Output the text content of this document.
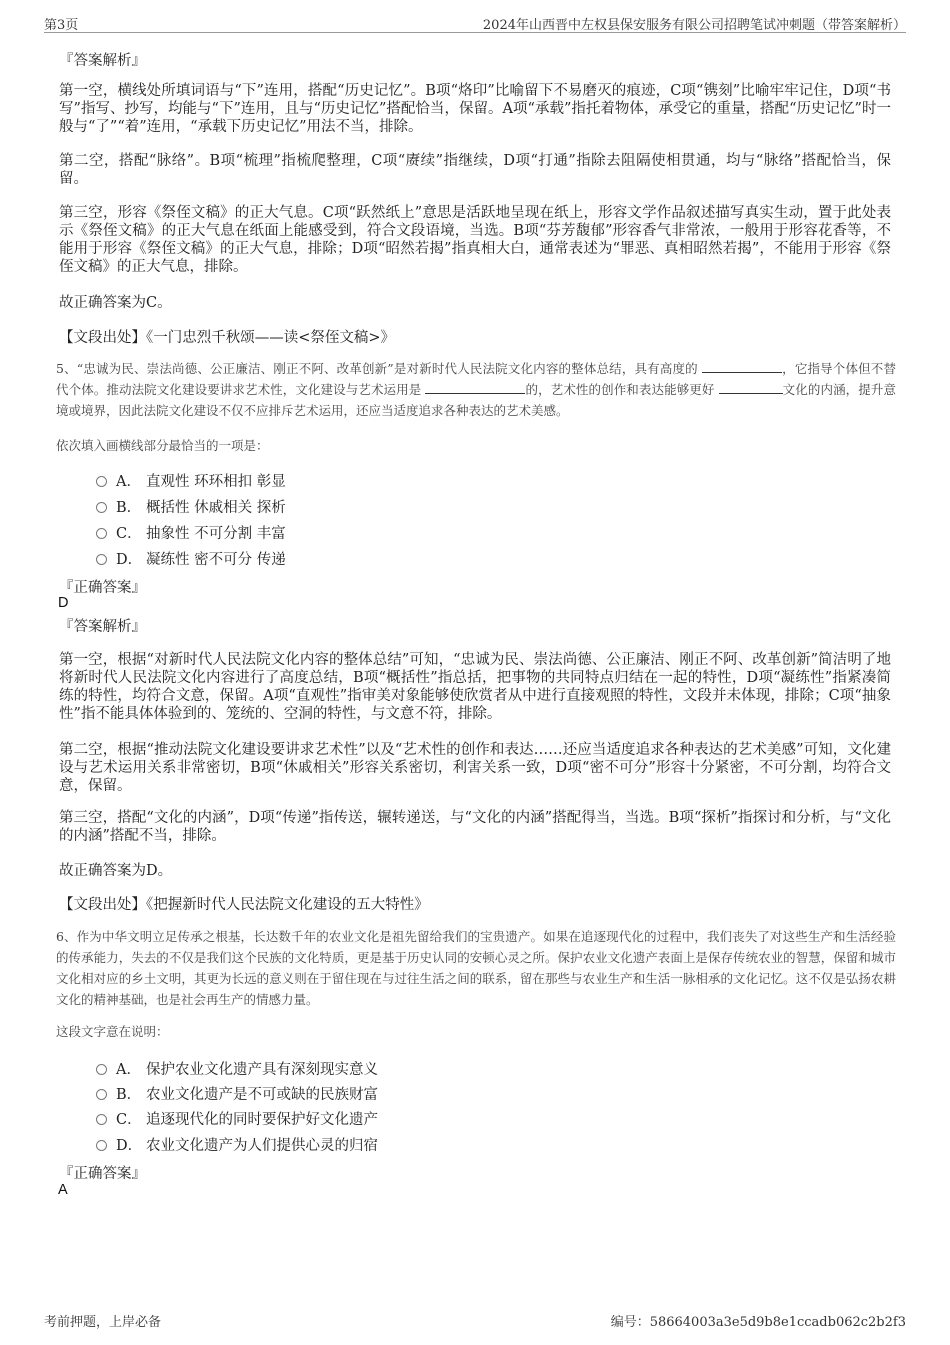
第3页	2024年山西晋中左权县保安服务有限公司招聘笔试冲刺题（带答案解析）
『答案解析』

第一空，横线处所填词语与“下”连用，搭配“历史记忆”。B项“烙印”比喻留下不易磨灭的痕迹，C项“镌刻”比喻牢牢记住，D项“书写”指写、抄写，均能与“下”连用，且与“历史记忆”搭配恰当，保留。A项“承载”指托着物体，承受它的重量，搭配“历史记忆”时一般与“了”“着”连用，“承载下历史记忆”用法不当，排除。

第二空，搭配“脉络”。B项“梳理”指梳爬整理，C项“赓续”指继续，D项“打通”指除去阻隔使相贯通，均与“脉络”搭配恰当，保留。

第三空，形容《祭侄文稿》的正大气息。C项“跃然纸上”意思是活跃地呈现在纸上，形容文学作品叙述描写真实生动，置于此处表示《祭侄文稿》的正大气息在纸面上能感受到，符合文段语境，当选。B项“芬芳馥郁”形容香气非常浓，一般用于形容花香等，不能用于形容《祭侄文稿》的正大气息，排除；D项“昭然若揭”指真相大白，通常表述为“罪恶、真相昭然若揭”，不能用于形容《祭侄文稿》的正大气息，排除。

故正确答案为C。
【文段出处】《一门忠烈千秋颂——读<祭侄文稿>》

5、“忠诚为民、崇法尚德、公正廉洁、刚正不阿、改革创新”是对新时代人民法院文化内容的整体总结，具有高度的	，它指导个体但不替代个体。推动法院文化建设要讲求艺术性，文化建设与艺术运用是	的，艺术性的创作和表达能够更好	文化的内涵，提升意境或境界，因此法院文化建设不仅不应排斥艺术运用，还应当适度追求各种表达的艺术美感。

依次填入画横线部分最恰当的一项是：
A． 直观性 环环相扣 彰显
B． 概括性 休戚相关 探析
C． 抽象性 不可分割 丰富
D． 凝练性 密不可分 传递
『正确答案』
D
『答案解析』

第一空，根据“对新时代人民法院文化内容的整体总结”可知，“忠诚为民、崇法尚德、公正廉洁、刚正不阿、改革创新”简洁明了地将新时代人民法院文化内容进行了高度总结，B项“概括性”指总括，把事物的共同特点归结在一起的特性，D项“凝练性”指紧凑简练的特性，均符合文意，保留。A项“直观性”指审美对象能够使欣赏者从中进行直接观照的特性，文段并未体现，排除；C项“抽象性”指不能具体体验到的、笼统的、空洞的特性，与文意不符，排除。

第二空，根据“推动法院文化建设要讲求艺术性”以及“艺术性的创作和表达……还应当适度追求各种表达的艺术美感”可知，文化建设与艺术运用关系非常密切，B项“休戚相关”形容关系密切，利害关系一致，D项“密不可分”形容十分紧密，不可分割，均符合文意，保留。

第三空，搭配“文化的内涵”，D项“传递”指传送，辗转递送，与“文化的内涵”搭配得当，当选。B项“探析”指探讨和分析，与“文化的内涵”搭配不当，排除。

故正确答案为D。
【文段出处】《把握新时代人民法院文化建设的五大特性》

6、作为中华文明立足传承之根基，长达数千年的农业文化是祖先留给我们的宝贵遗产。如果在追逐现代化的过程中，我们丧失了对这些生产和生活经验的传承能力，失去的不仅是我们这个民族的文化特质，更是基于历史认同的安顿心灵之所。保护农业文化遗产表面上是保存传统农业的智慧，保留和城市文化相对应的乡土文明，其更为长远的意义则在于留住现在与过往生活之间的联系，留在那些与农业生产和生活一脉相承的文化记忆。这不仅是弘扬农耕文化的精神基础，也是社会再生产的情感力量。

这段文字意在说明：
A． 保护农业文化遗产具有深刻现实意义
B． 农业文化遗产是不可或缺的民族财富
C． 追逐现代化的同时要保护好文化遗产
D． 农业文化遗产为人们提供心灵的归宿
『正确答案』
A
考前押题，上岸必备	编号：58664003a3e5d9b8e1ccadb062c2b2f3
